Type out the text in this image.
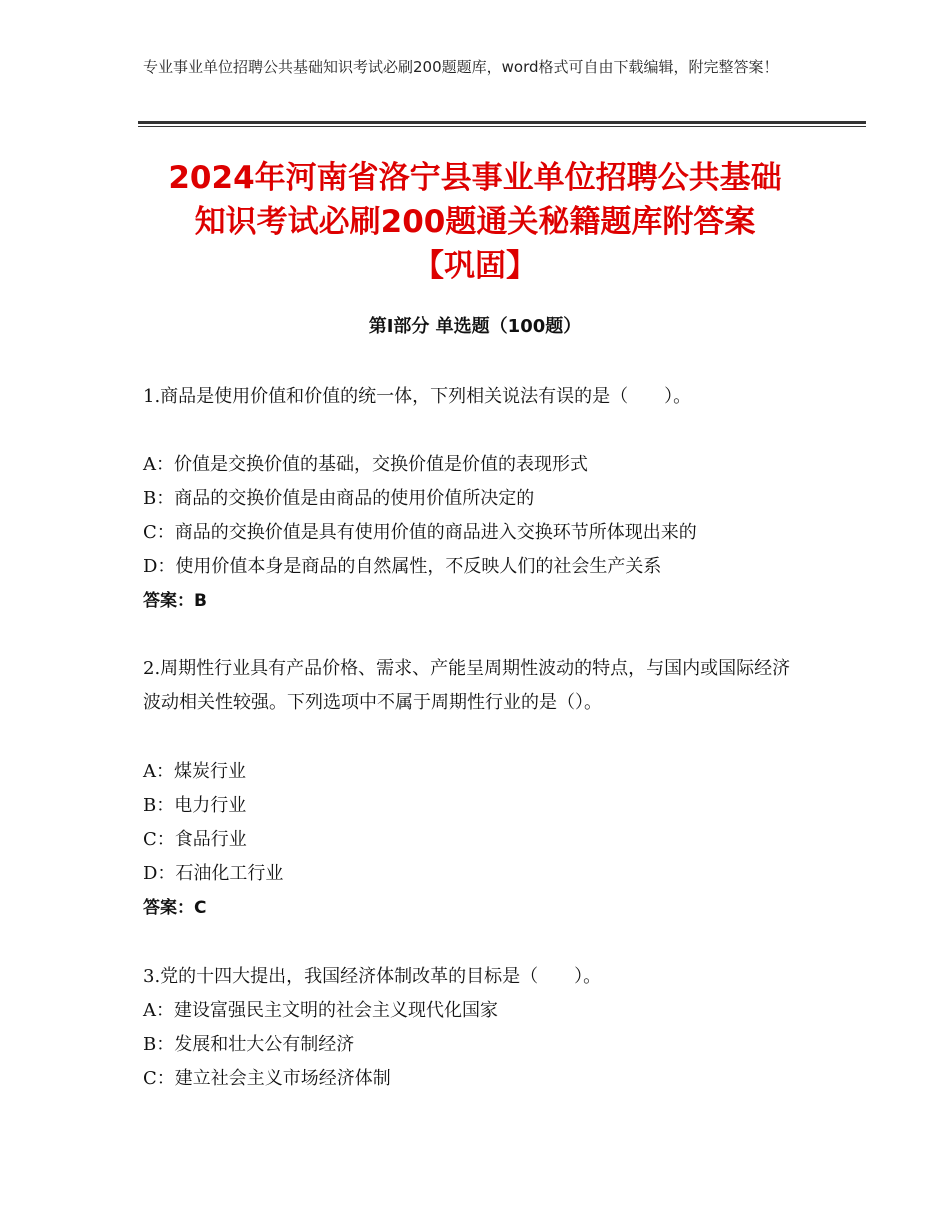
专业事业单位招聘公共基础知识考试必刷200题题库，word格式可自由下载编辑，附完整答案！
2024年河南省洛宁县事业单位招聘公共基础
知识考试必刷200题通关秘籍题库附答案
【巩固】
第Ⅰ部分 单选题（100题）
1.商品是使用价值和价值的统一体，下列相关说法有误的是（　　）。
A：价值是交换价值的基础，交换价值是价值的表现形式
B：商品的交换价值是由商品的使用价值所决定的
C：商品的交换价值是具有使用价值的商品进入交换环节所体现出来的
D：使用价值本身是商品的自然属性，不反映人们的社会生产关系
答案：B
2.周期性行业具有产品价格、需求、产能呈周期性波动的特点，与国内或国际经济波动相关性较强。下列选项中不属于周期性行业的是（）。
A：煤炭行业
B：电力行业
C：食品行业
D：石油化工行业
答案：C
3.党的十四大提出，我国经济体制改革的目标是（　　）。
A：建设富强民主文明的社会主义现代化国家
B：发展和壮大公有制经济
C：建立社会主义市场经济体制
